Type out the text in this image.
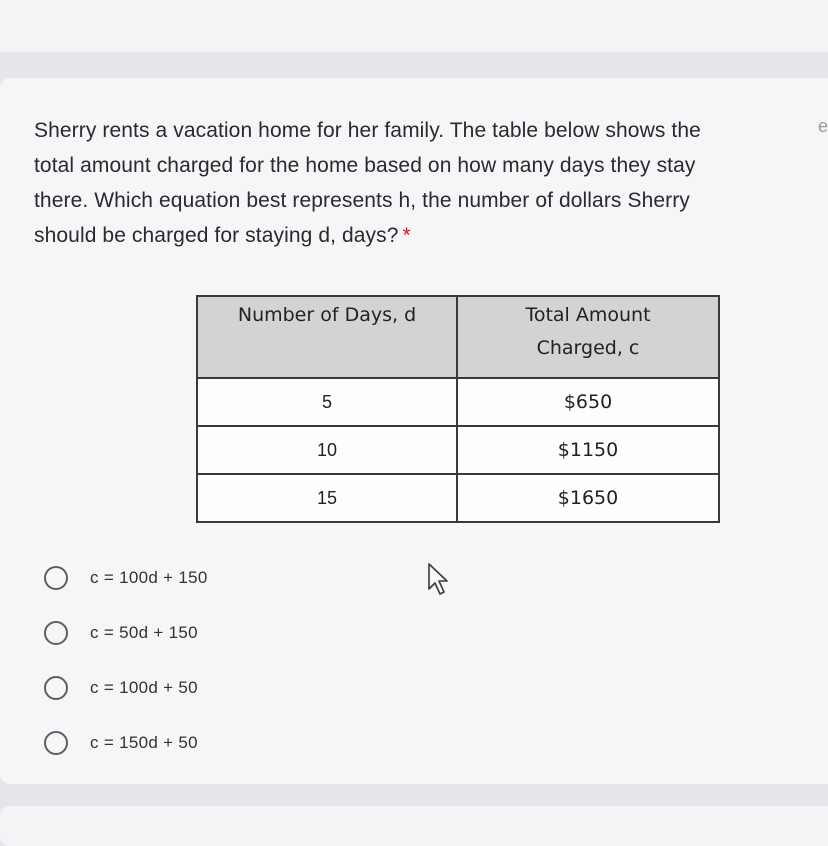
Sherry rents a vacation home for her family. The table below shows the
total amount charged for the home based on how many days they stay
there. Which equation best represents h, the number of dollars Sherry
should be charged for staying d, days? *
e
Number of Days, d	Total Amount
Charged, c
5	$650
10	$1150
15	$1650
c = 100d + 150
c = 50d + 150
c = 100d + 50
c = 150d + 50
